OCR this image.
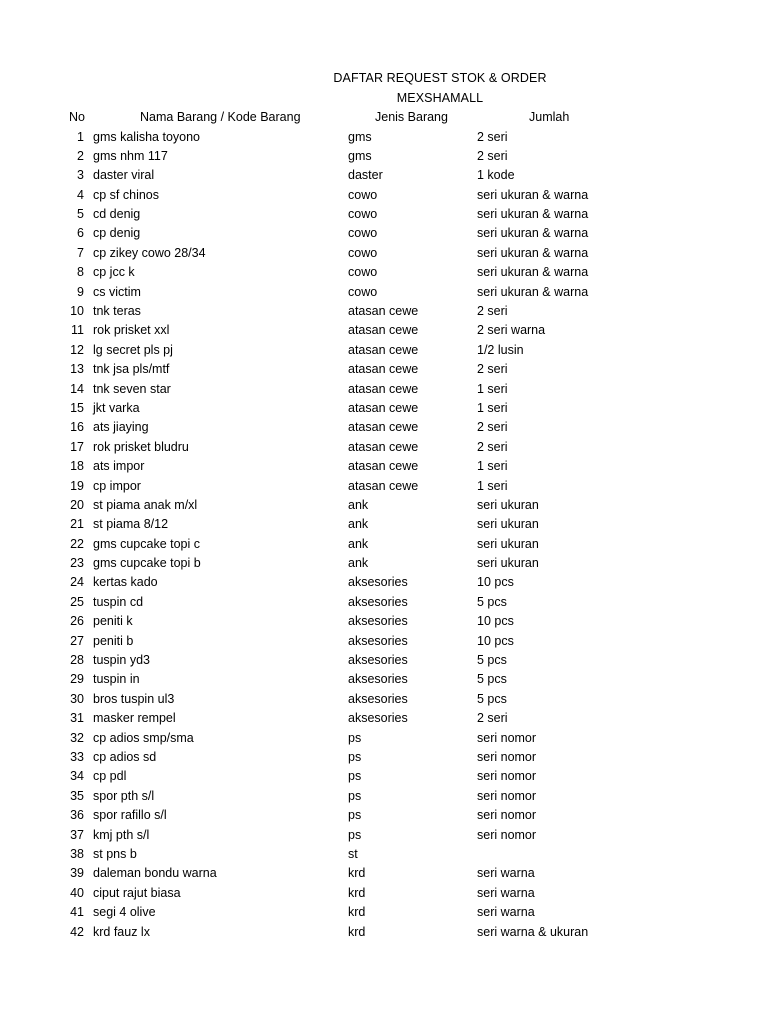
DAFTAR REQUEST STOK & ORDER
MEXSHAMALL
No	Nama Barang / Kode Barang	Jenis Barang	Jumlah
1 gms kalisha toyono	gms	2 seri
2 gms nhm 117	gms	2 seri
3 daster viral	daster	1 kode
4 cp sf chinos	cowo	seri ukuran & warna
5 cd denig	cowo	seri ukuran & warna
6 cp denig	cowo	seri ukuran & warna
7 cp zikey cowo 28/34	cowo	seri ukuran & warna
8 cp jcc k	cowo	seri ukuran & warna
9 cs victim	cowo	seri ukuran & warna
10 tnk teras	atasan cewe	2 seri
11 rok prisket xxl	atasan cewe	2 seri warna
12 lg secret pls pj	atasan cewe	1/2 lusin
13 tnk jsa pls/mtf	atasan cewe	2 seri
14 tnk seven star	atasan cewe	1 seri
15 jkt varka	atasan cewe	1 seri
16 ats jiaying	atasan cewe	2 seri
17 rok prisket bludru	atasan cewe	2 seri
18 ats impor	atasan cewe	1 seri
19 cp impor	atasan cewe	1 seri
20 st piama anak m/xl	ank	seri ukuran
21 st piama 8/12	ank	seri ukuran
22 gms cupcake topi c	ank	seri ukuran
23 gms cupcake topi b	ank	seri ukuran
24 kertas kado	aksesories	10 pcs
25 tuspin cd	aksesories	5 pcs
26 peniti k	aksesories	10 pcs
27 peniti b	aksesories	10 pcs
28 tuspin yd3	aksesories	5 pcs
29 tuspin in	aksesories	5 pcs
30 bros tuspin ul3	aksesories	5 pcs
31 masker rempel	aksesories	2 seri
32 cp adios smp/sma	ps	seri nomor
33 cp adios sd	ps	seri nomor
34 cp pdl	ps	seri nomor
35 spor pth s/l	ps	seri nomor
36 spor rafillo s/l	ps	seri nomor
37 kmj pth s/l	ps	seri nomor
38 st pns b	st
39 daleman bondu warna	krd	seri warna
40 ciput rajut biasa	krd	seri warna
41 segi 4 olive	krd	seri warna
42 krd fauz lx	krd	seri warna & ukuran
